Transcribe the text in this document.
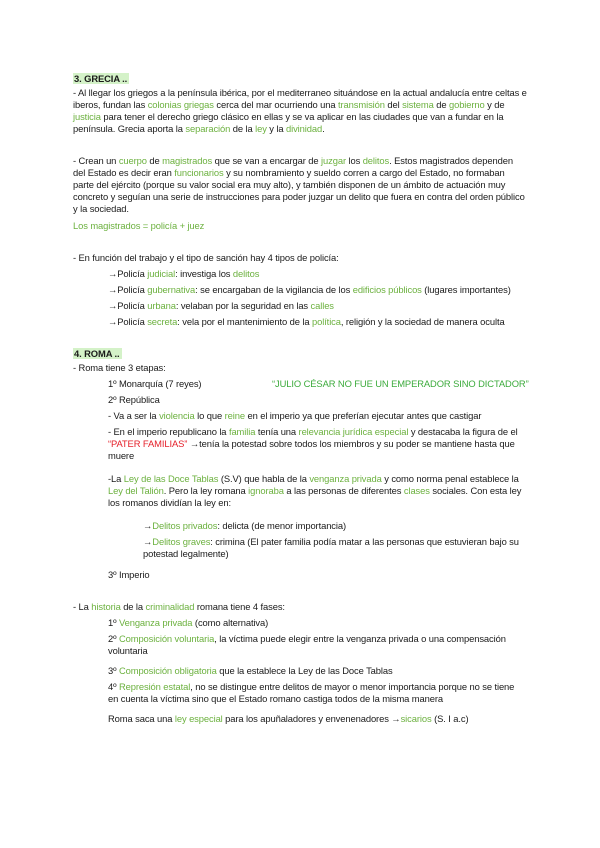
3. GRECIA ..
- Al llegar los griegos a la península ibérica, por el mediterraneo situándose en la actual andalucía entre celtas e iberos, fundan las colonias griegas cerca del mar ocurriendo una transmisión del sistema de gobierno y de justicia para tener el derecho griego clásico en ellas y se va aplicar en las ciudades que van a fundar en la península. Grecia aporta la separación de la ley y la divinidad.
- Crean un cuerpo de magistrados que se van a encargar de juzgar los delitos. Estos magistrados dependen del Estado es decir eran funcionarios y su nombramiento y sueldo corren a cargo del Estado, no formaban parte del ejército (porque su valor social era muy alto), y también disponen de un ámbito de actuación muy concreto y seguían una serie de instrucciones para poder juzgar un delito que fuera en contra del orden público y la sociedad.
Los magistrados = policía + juez
- En función del trabajo y el tipo de sanción hay 4 tipos de policía:
→Policía judicial: investiga los delitos
→Policía gubernativa: se encargaban de la vigilancia de los edificios públicos (lugares importantes)
→Policía urbana: velaban por la seguridad en las calles
→Policía secreta: vela por el mantenimiento de la política, religión y la sociedad de manera oculta
4. ROMA ..
- Roma tiene 3 etapas:
1º Monarquía (7 reyes)	“JULIO CÉSAR NO FUE UN EMPERADOR SINO DICTADOR”
2º República
- Va a ser la violencia lo que reine en el imperio ya que preferían ejecutar antes que castigar
- En el imperio republicano la familia tenía una relevancia jurídica especial y destacaba la figura de el “PATER FAMILIAS” →tenía la potestad sobre todos los miembros y su poder se mantiene hasta que muere
-La Ley de las Doce Tablas (S.V) que habla de la venganza privada y como norma penal establece la Ley del Talión. Pero la ley romana ignoraba a las personas de diferentes clases sociales. Con esta ley los romanos dividían la ley en:
→Delitos privados: delicta (de menor importancia)
→Delitos graves: crimina (El pater familia podía matar a las personas que estuvieran bajo su potestad legalmente)
3º Imperio
- La historia de la criminalidad romana tiene 4 fases:
1º Venganza privada (como alternativa)
2º Composición voluntaria, la víctima puede elegir entre la venganza privada o una compensación voluntaria
3º Composición obligatoria que la establece la Ley de las Doce Tablas
4º Represión estatal, no se distingue entre delitos de mayor o menor importancia porque no se tiene en cuenta la víctima sino que el Estado romano castiga todos de la misma manera
Roma saca una ley especial para los apuñaladores y envenenadores →sicarios (S. I a.c)
